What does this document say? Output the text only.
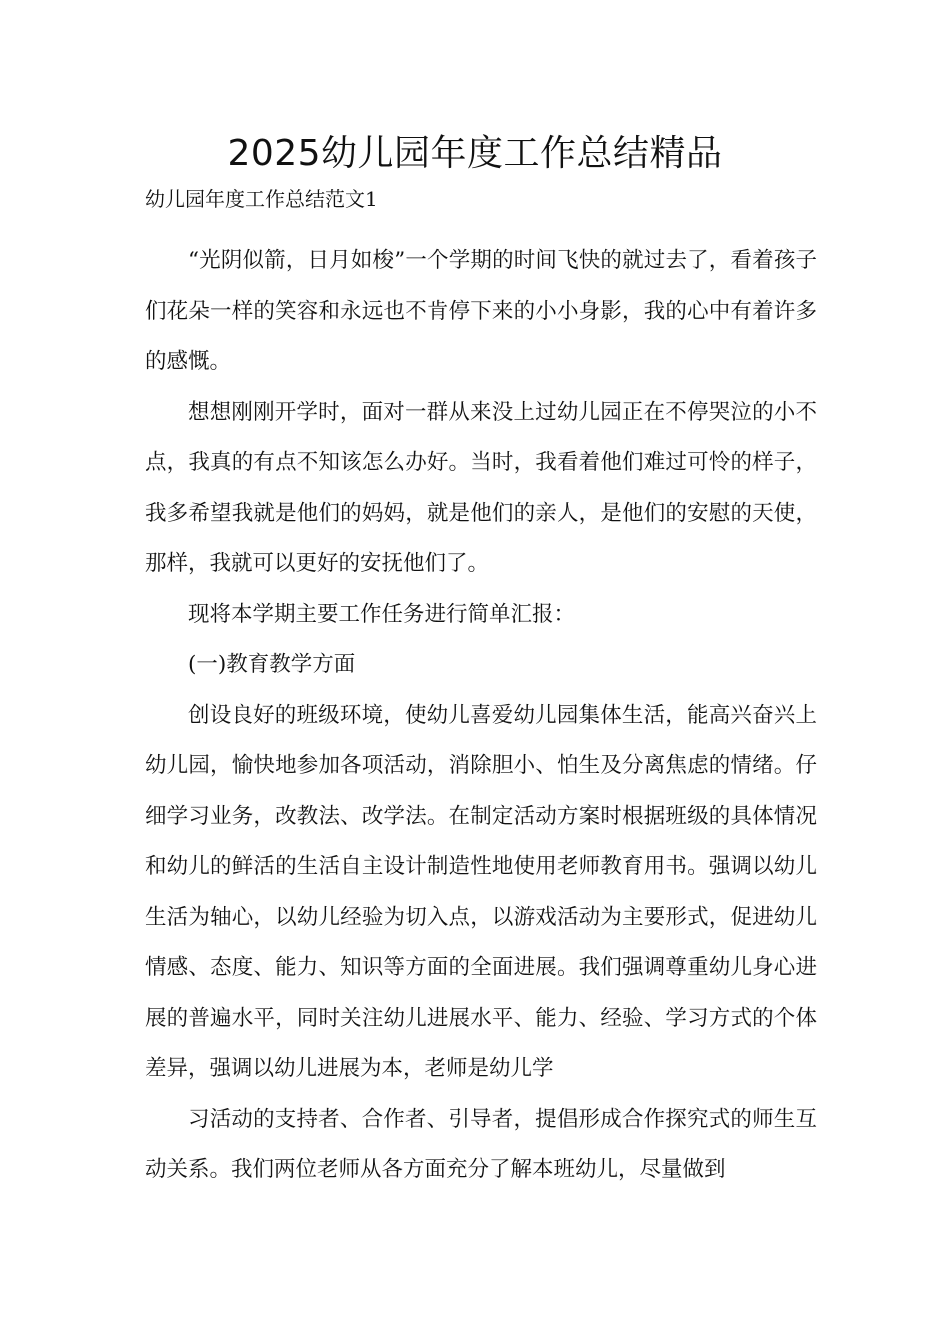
2025幼儿园年度工作总结精品

幼儿园年度工作总结范文1

“光阴似箭，日月如梭”一个学期的时间飞快的就过去了，看着孩子们花朵一样的笑容和永远也不肯停下来的小小身影，我的心中有着许多的感慨。

想想刚刚开学时，面对一群从来没上过幼儿园正在不停哭泣的小不点，我真的有点不知该怎么办好。当时，我看着他们难过可怜的样子，我多希望我就是他们的妈妈，就是他们的亲人，是他们的安慰的天使，那样，我就可以更好的安抚他们了。

现将本学期主要工作任务进行简单汇报：

(一)教育教学方面

创设良好的班级环境，使幼儿喜爱幼儿园集体生活，能高兴奋兴上幼儿园，愉快地参加各项活动，消除胆小、怕生及分离焦虑的情绪。仔细学习业务，改教法、改学法。在制定活动方案时根据班级的具体情况和幼儿的鲜活的生活自主设计制造性地使用老师教育用书。强调以幼儿生活为轴心，以幼儿经验为切入点，以游戏活动为主要形式，促进幼儿情感、态度、能力、知识等方面的全面进展。我们强调尊重幼儿身心进展的普遍水平，同时关注幼儿进展水平、能力、经验、学习方式的个体差异，强调以幼儿进展为本，老师是幼儿学

习活动的支持者、合作者、引导者，提倡形成合作探究式的师生互动关系。我们两位老师从各方面充分了解本班幼儿，尽量做到
